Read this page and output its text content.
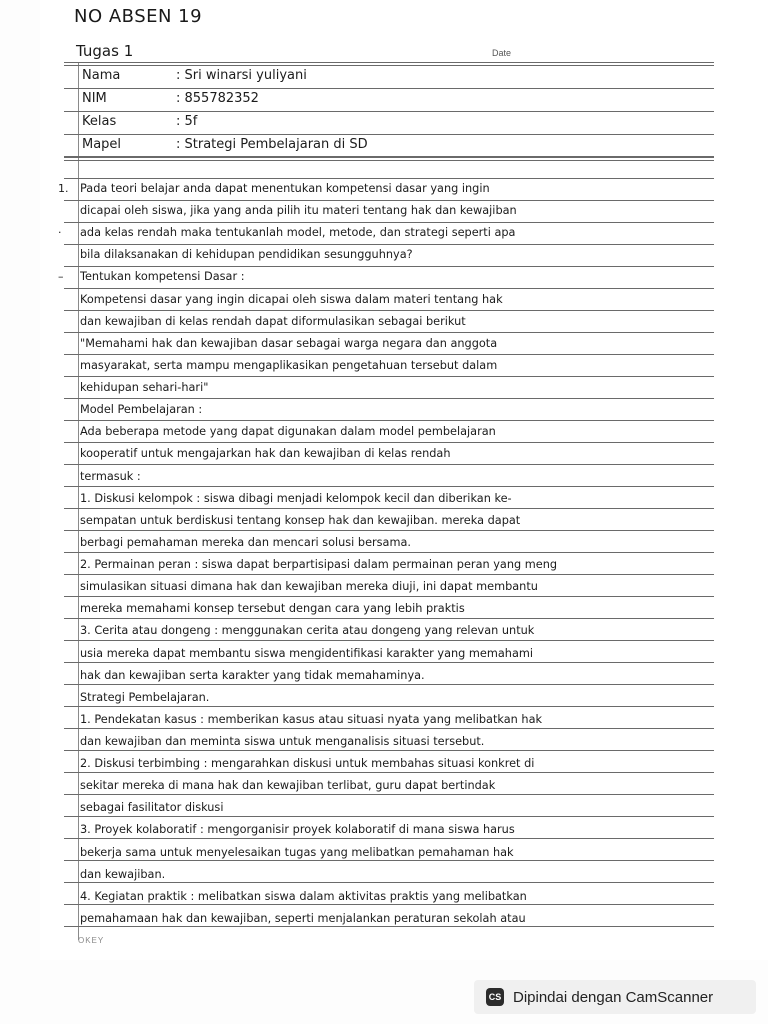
NO ABSEN 19
Tugas 1	Date
Nama	: Sri winarsi yuliyani
NIM	: 855782352
Kelas	: 5f
Mapel	: Strategi Pembelajaran di SD
1.
·
–
Pada teori belajar anda dapat menentukan kompetensi dasar yang ingin
dicapai oleh siswa, jika yang anda pilih itu materi tentang hak dan kewajiban
ada kelas rendah maka tentukanlah model, metode, dan strategi seperti apa
bila dilaksanakan di kehidupan pendidikan sesungguhnya?
Tentukan kompetensi Dasar :
Kompetensi dasar yang ingin dicapai oleh siswa dalam materi tentang hak
dan kewajiban di kelas rendah dapat diformulasikan sebagai berikut
"Memahami hak dan kewajiban dasar sebagai warga negara dan anggota
masyarakat, serta mampu mengaplikasikan pengetahuan tersebut dalam
kehidupan sehari-hari"
Model Pembelajaran :
Ada beberapa metode yang dapat digunakan dalam model pembelajaran
kooperatif untuk mengajarkan hak dan kewajiban di kelas rendah
termasuk :
1. Diskusi kelompok : siswa dibagi menjadi kelompok kecil dan diberikan ke-
sempatan untuk berdiskusi tentang konsep hak dan kewajiban. mereka dapat
berbagi pemahaman mereka dan mencari solusi bersama.
2. Permainan peran : siswa dapat berpartisipasi dalam permainan peran yang meng
simulasikan situasi dimana hak dan kewajiban mereka diuji, ini dapat membantu
mereka memahami konsep tersebut dengan cara yang lebih praktis
3. Cerita atau dongeng : menggunakan cerita atau dongeng yang relevan untuk
usia mereka dapat membantu siswa mengidentifikasi karakter yang memahami
hak dan kewajiban serta karakter yang tidak memahaminya.
Strategi Pembelajaran.
1. Pendekatan kasus : memberikan kasus atau situasi nyata yang melibatkan hak
dan kewajiban dan meminta siswa untuk menganalisis situasi tersebut.
2. Diskusi terbimbing : mengarahkan diskusi untuk membahas situasi konkret di
sekitar mereka di mana hak dan kewajiban terlibat, guru dapat bertindak
sebagai fasilitator diskusi
3. Proyek kolaboratif : mengorganisir proyek kolaboratif di mana siswa harus
bekerja sama untuk menyelesaikan tugas yang melibatkan pemahaman hak
dan kewajiban.
4. Kegiatan praktik : melibatkan siswa dalam aktivitas praktis yang melibatkan
pemahamaan hak dan kewajiban, seperti menjalankan peraturan sekolah atau
OKEY
CS Dipindai dengan CamScanner
